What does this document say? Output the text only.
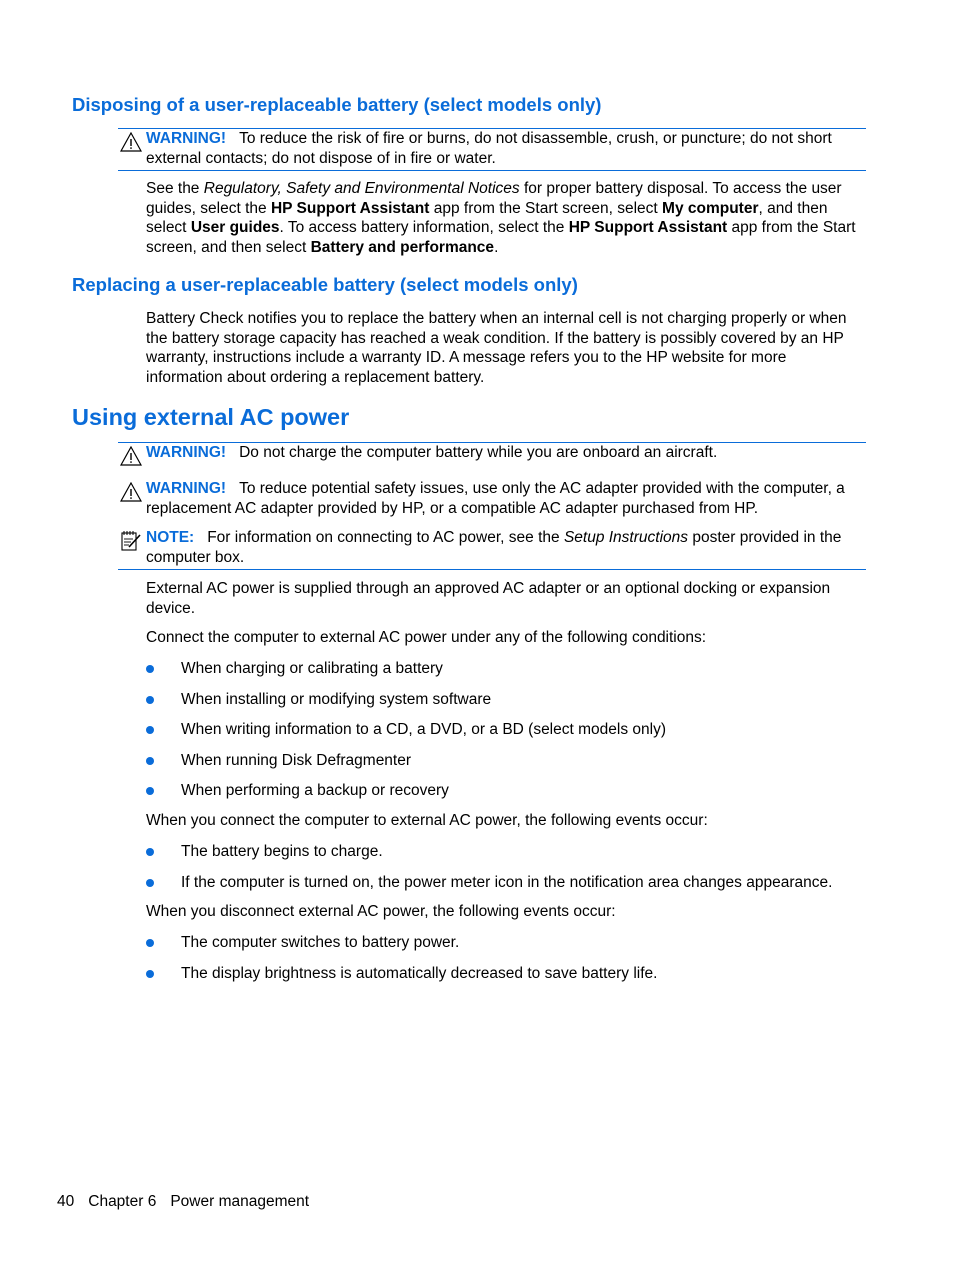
Disposing of a user-replaceable battery (select models only)
WARNING! To reduce the risk of fire or burns, do not disassemble, crush, or puncture; do not short external contacts; do not dispose of in fire or water.

See the Regulatory, Safety and Environmental Notices for proper battery disposal. To access the user guides, select the HP Support Assistant app from the Start screen, select My computer, and then select User guides. To access battery information, select the HP Support Assistant app from the Start screen, and then select Battery and performance.

Replacing a user-replaceable battery (select models only)

Battery Check notifies you to replace the battery when an internal cell is not charging properly or when the battery storage capacity has reached a weak condition. If the battery is possibly covered by an HP warranty, instructions include a warranty ID. A message refers you to the HP website for more information about ordering a replacement battery.

Using external AC power
WARNING! Do not charge the computer battery while you are onboard an aircraft.
WARNING! To reduce potential safety issues, use only the AC adapter provided with the computer, a replacement AC adapter provided by HP, or a compatible AC adapter purchased from HP.
NOTE: For information on connecting to AC power, see the Setup Instructions poster provided in the computer box.

External AC power is supplied through an approved AC adapter or an optional docking or expansion device.

Connect the computer to external AC power under any of the following conditions:

When charging or calibrating a battery
When installing or modifying system software
When writing information to a CD, a DVD, or a BD (select models only)
When running Disk Defragmenter
When performing a backup or recovery

When you connect the computer to external AC power, the following events occur:

The battery begins to charge.
If the computer is turned on, the power meter icon in the notification area changes appearance.

When you disconnect external AC power, the following events occur:

The computer switches to battery power.
The display brightness is automatically decreased to save battery life.
40 Chapter 6 Power management
